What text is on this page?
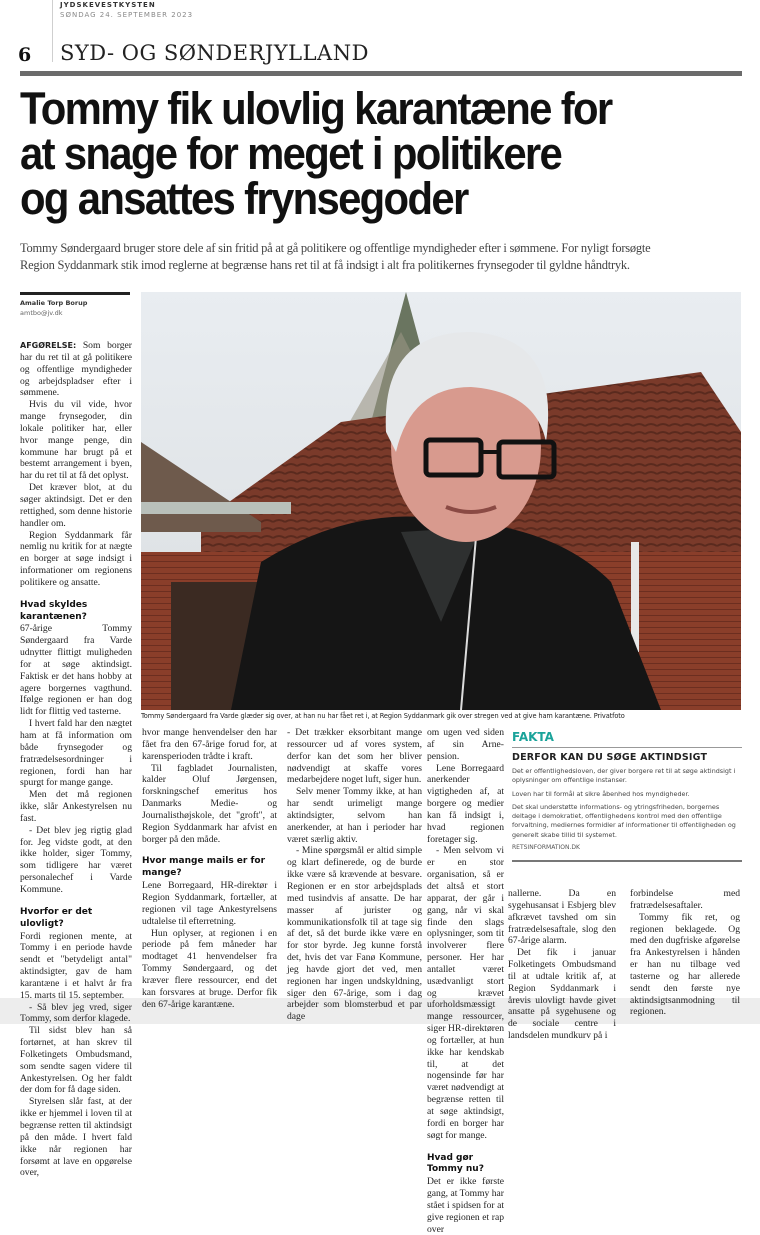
JYDSKEVESTKYSTEN
SØNDAG 24. SEPTEMBER 2023
6 SYD- OG SØNDERJYLLAND
Tommy fik ulovlig karantæne for
at snage for meget i politikere
og ansattes frynsegoder
Tommy Søndergaard bruger store dele af sin fritid på at gå politikere og offentlige myndigheder efter i sømmene. For nyligt forsøgte
Region Syddanmark stik imod reglerne at begrænse hans ret til at få indsigt i alt fra politikernes frynsegoder til gyldne håndtryk.
Amalie Torp Borup
amtbo@jv.dk

AFGØRELSE: Som borger har du ret til at gå politikere og offentlige myndigheder og arbejdspladser efter i sømmene.

Hvis du vil vide, hvor mange frynsegoder, din lokale politiker har, eller hvor mange penge, din kommune har brugt på et bestemt arrangement i byen, har du ret til at få det oplyst.

Det kræver blot, at du søger aktindsigt. Det er den rettighed, som denne historie handler om.

Region Syddanmark får nemlig nu kritik for at nægte en borger at søge indsigt i informationer om regionens politikere og ansatte.

Hvad skyldes karantænen?

67-årige Tommy Søndergaard fra Varde udnytter flittigt muligheden for at søge aktindsigt. Faktisk er det hans hobby at agere borgernes vagthund. Ifølge regionen er han dog lidt for flittig ved tasterne.

I hvert fald har den nægtet ham at få information om både frynsegoder og fratrædelsesordninger i regionen, fordi han har spurgt for mange gange.

Men det må regionen ikke, slår Ankestyrelsen nu fast.

- Det blev jeg rigtig glad for. Jeg vidste godt, at den ikke holder, siger Tommy, som tidligere har været personalechef i Varde Kommune.

Hvorfor er det ulovligt?

Fordi regionen mente, at Tommy i en periode havde sendt et "betydeligt antal" aktindsigter, gav de ham karantæne i et halvt år fra 15. marts til 15. september.

- Så blev jeg vred, siger Tommy, som derfor klagede.

Til sidst blev han så fortørnet, at han skrev til Folketingets Ombudsmand, som sendte sagen videre til Ankestyrelsen. Og her faldt der dom for få dage siden.

Styrelsen slår fast, at der ikke er hjemmel i loven til at begrænse retten til aktindsigt på den måde. I hvert fald ikke når regionen har forsømt at lave en opgørelse over,

Tommy Søndergaard fra Varde glæder sig over, at han nu har fået ret i, at Region Syddanmark gik over stregen ved at give ham karantæne. Privatfoto

hvor mange henvendelser den har fået fra den 67-årige forud for, at karensperioden trådte i kraft.

Til fagbladet Journalisten, kalder Oluf Jørgensen, forskningschef emeritus hos Danmarks Medie- og Journalisthøjskole, det "groft", at Region Syddanmark har afvist en borger på den måde.

Hvor mange mails er for mange?

Lene Borregaard, HR-direktør i Region Syddanmark, fortæller, at regionen vil tage Ankestyrelsens udtalelse til efterretning.

Hun oplyser, at regionen i en periode på fem måneder har modtaget 41 henvendelser fra Tommy Søndergaard, og det kræver flere ressourcer, end det kan forsvares at bruge. Derfor fik den 67-årige karantæne.

- Det trækker eksorbitant mange ressourcer ud af vores system, derfor kan det som her bliver nødvendigt at skaffe vores medarbejdere noget luft, siger hun.

Selv mener Tommy ikke, at han har sendt urimeligt mange aktindsigter, selvom han anerkender, at han i perioder har været særlig aktiv.

- Mine spørgsmål er altid simple og klart definerede, og de burde ikke være så krævende at besvare. Regionen er en stor arbejdsplads med tusindvis af ansatte. De har masser af jurister og kommunikationsfolk til at tage sig af det, så det burde ikke være en for stor byrde. Jeg kunne forstå det, hvis det var Fanø Kommune, jeg havde gjort det ved, men regionen har ingen undskyldning, siger den 67-årige, som i dag arbejder som blomsterbud et par dage

om ugen ved siden af sin Arne-pension.

Lene Borregaard anerkender vigtigheden af, at borgere og medier kan få indsigt i, hvad regionen foretager sig.

- Men selvom vi er en stor organisation, så er det altså et stort apparat, der går i gang, når vi skal finde den slags oplysninger, som tit involverer flere personer. Her har antallet været usædvanligt stort og krævet uforholdsmæssigt mange ressourcer, siger HR-direktøren og fortæller, at hun ikke har kendskab til, at det nogensinde før har været nødvendigt at begrænse retten til at søge aktindsigt, fordi en borger har søgt for mange.

Hvad gør Tommy nu?

Det er ikke første gang, at Tommy har stået i spidsen for at give regionen et rap over

FAKTA
DERFOR KAN DU SØGE AKTINDSIGT

Det er offentlighedsloven, der giver borgere ret til at søge aktindsigt i oplysninger om offentlige instanser.

Loven har til formål at sikre åbenhed hos myndigheder.

Det skal understøtte informations- og ytringsfriheden, borgernes deltage i demokratiet, offentlighedens kontrol med den offentlige forvaltning, mediernes formidler af informationer til offentligheden og generelt skabe tillid til systemet.

RETSINFORMATION.DK

nallerne. Da en sygehusansat i Esbjerg blev afkrævet tavshed om sin fratrædelsesaftale, slog den 67-årige alarm.

Det fik i januar Folketingets Ombudsmand til at udtale kritik af, at Region Syddanmark i årevis ulovligt havde givet ansatte på sygehusene og de sociale centre i landsdelen mundkurv på i

forbindelse med fratrædelsesaftaler.

Tommy fik ret, og regionen beklagede. Og med den dugfriske afgørelse fra Ankestyrelsen i hånden er han nu tilbage ved tasterne og har allerede sendt den første nye aktindsigtsanmodning til regionen.
